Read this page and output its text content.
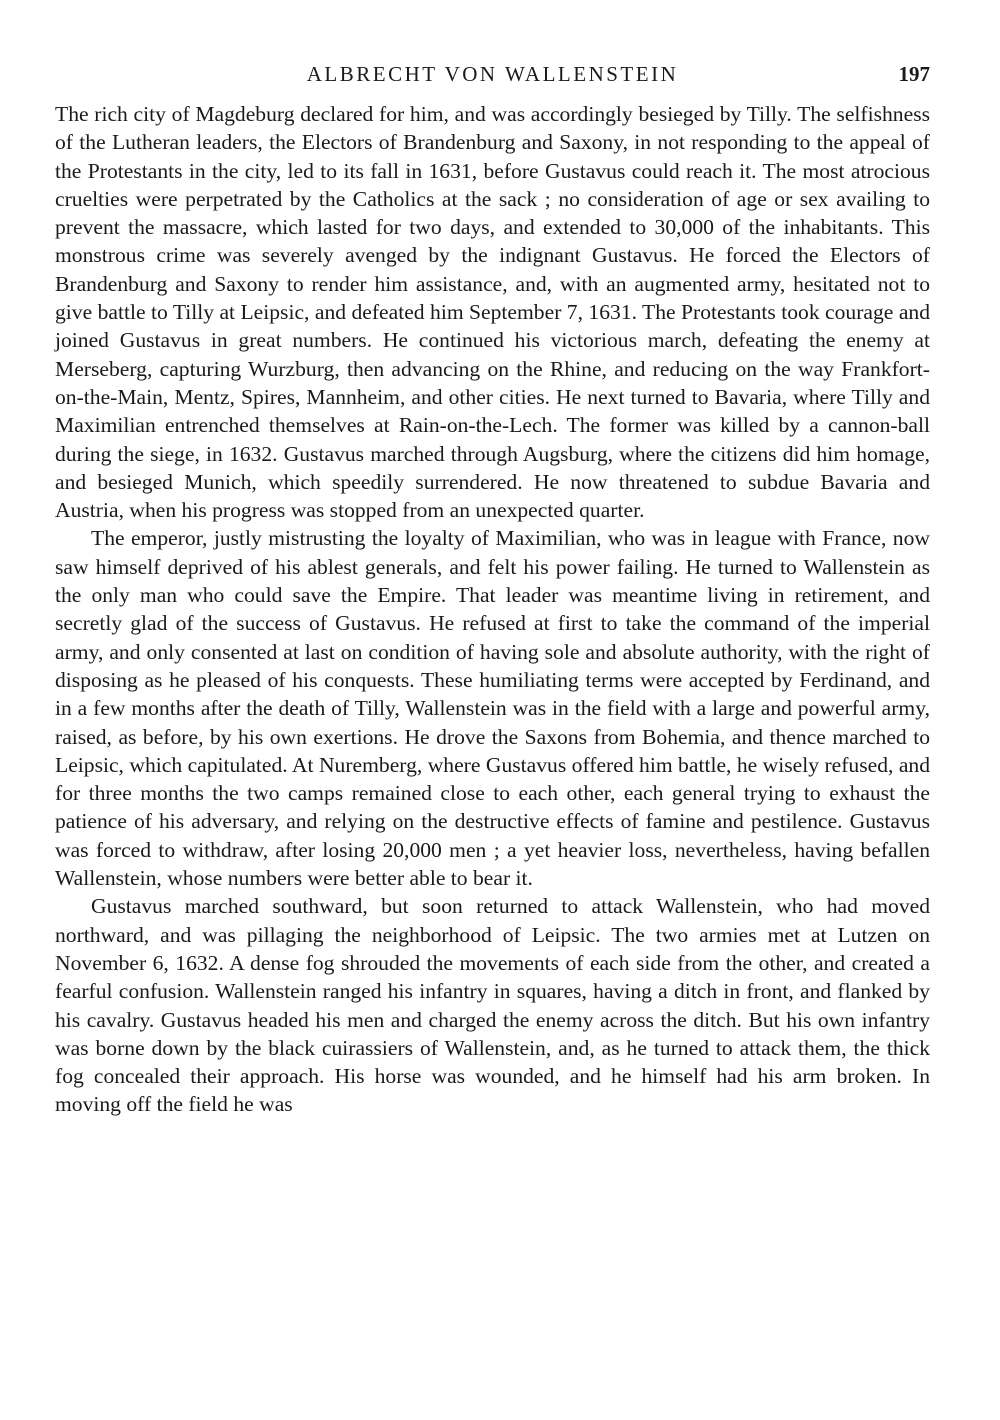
ALBRECHT VON WALLENSTEIN	197

The rich city of Magdeburg declared for him, and was accordingly besieged by Tilly. The selfishness of the Lutheran leaders, the Electors of Brandenburg and Saxony, in not responding to the appeal of the Protestants in the city, led to its fall in 1631, before Gustavus could reach it. The most atrocious cruelties were perpetrated by the Catholics at the sack ; no consideration of age or sex availing to prevent the massacre, which lasted for two days, and extended to 30,000 of the inhabitants. This monstrous crime was severely avenged by the indignant Gustavus. He forced the Electors of Brandenburg and Saxony to render him assistance, and, with an augmented army, hesitated not to give battle to Tilly at Leipsic, and defeated him September 7, 1631. The Protestants took courage and joined Gustavus in great numbers. He continued his victorious march, defeating the enemy at Merseberg, capturing Wurzburg, then advancing on the Rhine, and reducing on the way Frankfort-on-the-Main, Mentz, Spires, Mannheim, and other cities. He next turned to Bavaria, where Tilly and Maximilian entrenched themselves at Rain-on-the-Lech. The former was killed by a cannon-ball during the siege, in 1632. Gustavus marched through Augsburg, where the citizens did him homage, and besieged Munich, which speedily surrendered. He now threatened to subdue Bavaria and Austria, when his progress was stopped from an unexpected quarter.

The emperor, justly mistrusting the loyalty of Maximilian, who was in league with France, now saw himself deprived of his ablest generals, and felt his power failing. He turned to Wallenstein as the only man who could save the Empire. That leader was meantime living in retirement, and secretly glad of the success of Gustavus. He refused at first to take the command of the imperial army, and only consented at last on condition of having sole and absolute authority, with the right of disposing as he pleased of his conquests. These humiliating terms were accepted by Ferdinand, and in a few months after the death of Tilly, Wallenstein was in the field with a large and powerful army, raised, as before, by his own exertions. He drove the Saxons from Bohemia, and thence marched to Leipsic, which capitulated. At Nuremberg, where Gustavus offered him battle, he wisely refused, and for three months the two camps remained close to each other, each general trying to exhaust the patience of his adversary, and relying on the destructive effects of famine and pestilence. Gustavus was forced to withdraw, after losing 20,000 men ; a yet heavier loss, nevertheless, having befallen Wallenstein, whose numbers were better able to bear it.

Gustavus marched southward, but soon returned to attack Wallenstein, who had moved northward, and was pillaging the neighborhood of Leipsic. The two armies met at Lutzen on November 6, 1632. A dense fog shrouded the movements of each side from the other, and created a fearful confusion. Wallenstein ranged his infantry in squares, having a ditch in front, and flanked by his cavalry. Gustavus headed his men and charged the enemy across the ditch. But his own infantry was borne down by the black cuirassiers of Wallenstein, and, as he turned to attack them, the thick fog concealed their approach. His horse was wounded, and he himself had his arm broken. In moving off the field he was
